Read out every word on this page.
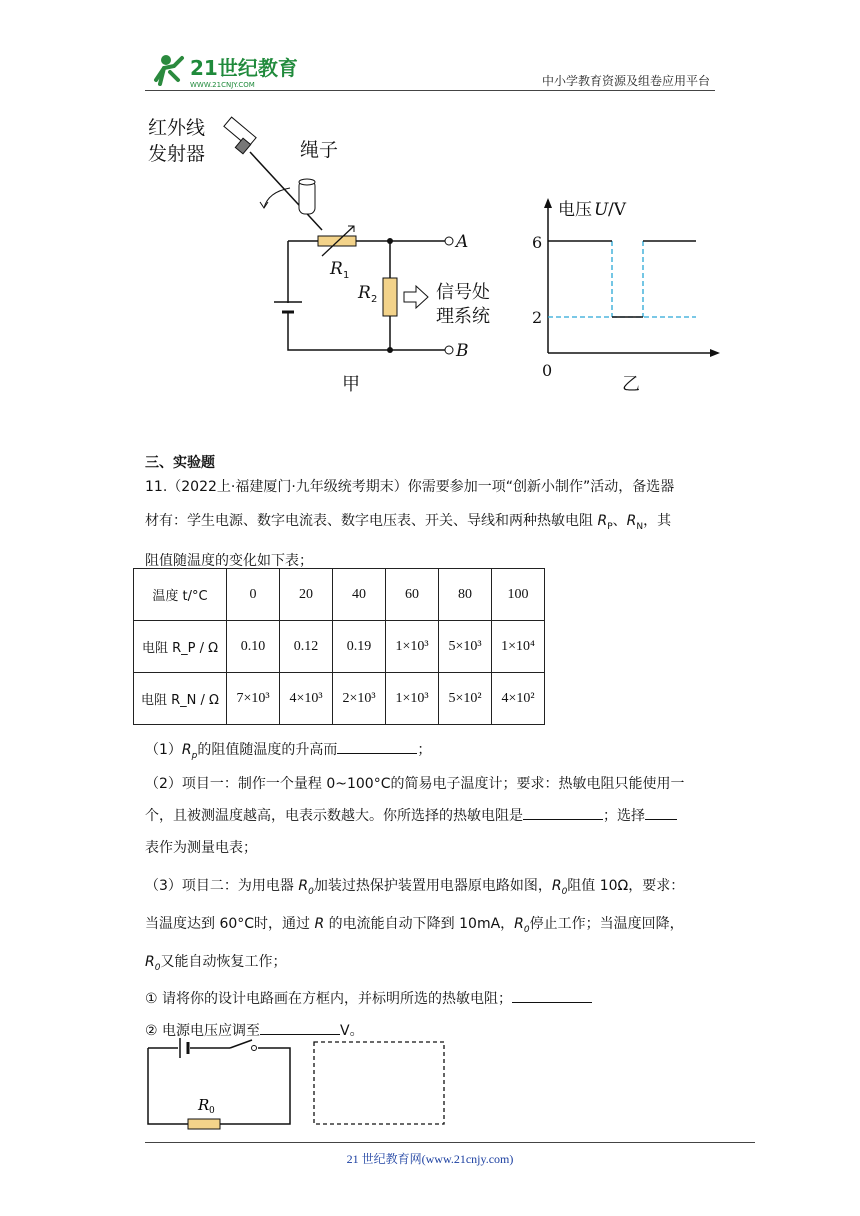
21世纪教育
WWW.21CNJY.COM	中小学教育资源及组卷应用平台
红外线
发射器	绳子
R 1
R 2
A
B
信号处
理系统
甲
电压 U /V
6
2
0
乙
三、实验题
11.（2022上·福建厦门·九年级统考期末）你需要参加一项“创新小制作”活动，备选器
材有：学生电源、数字电流表、数字电压表、开关、导线和两种热敏电阻 $R_P$、$R_N$，其
阻值随温度的变化如下表；
温度 t/°C	0	20	40	60	80	100
电阻 R_P / Ω	0.10	0.12	0.19	1×10³	5×10³	1×10⁴
电阻 R_N / Ω	7×10³	4×10³	2×10³	1×10³	5×10²	4×10²
$(1)R_p$的阻值随温度的升高而	；
（2）项目一：制作一个量程 0~100°C的简易电子温度计；要求：热敏电阻只能使用一
个，且被测温度越高，电表示数越大。你所选择的热敏电阻是	；选择
表作为测量电表；
（3）项目二：为用电器 $R_0$加装过热保护装置用电器原电路如图，$R_0$阻值 10Ω，要求：
当温度达到 60°C时，通过 R 的电流能自动下降到 10mA，$R_0$停止工作；当温度回降，
$R_0$又能自动恢复工作；
① 请将你的设计电路画在方框内，并标明所选的热敏电阻；
② 电源电压应调至	V。
R 0
21 世纪教育网(www.21cnjy.com)
